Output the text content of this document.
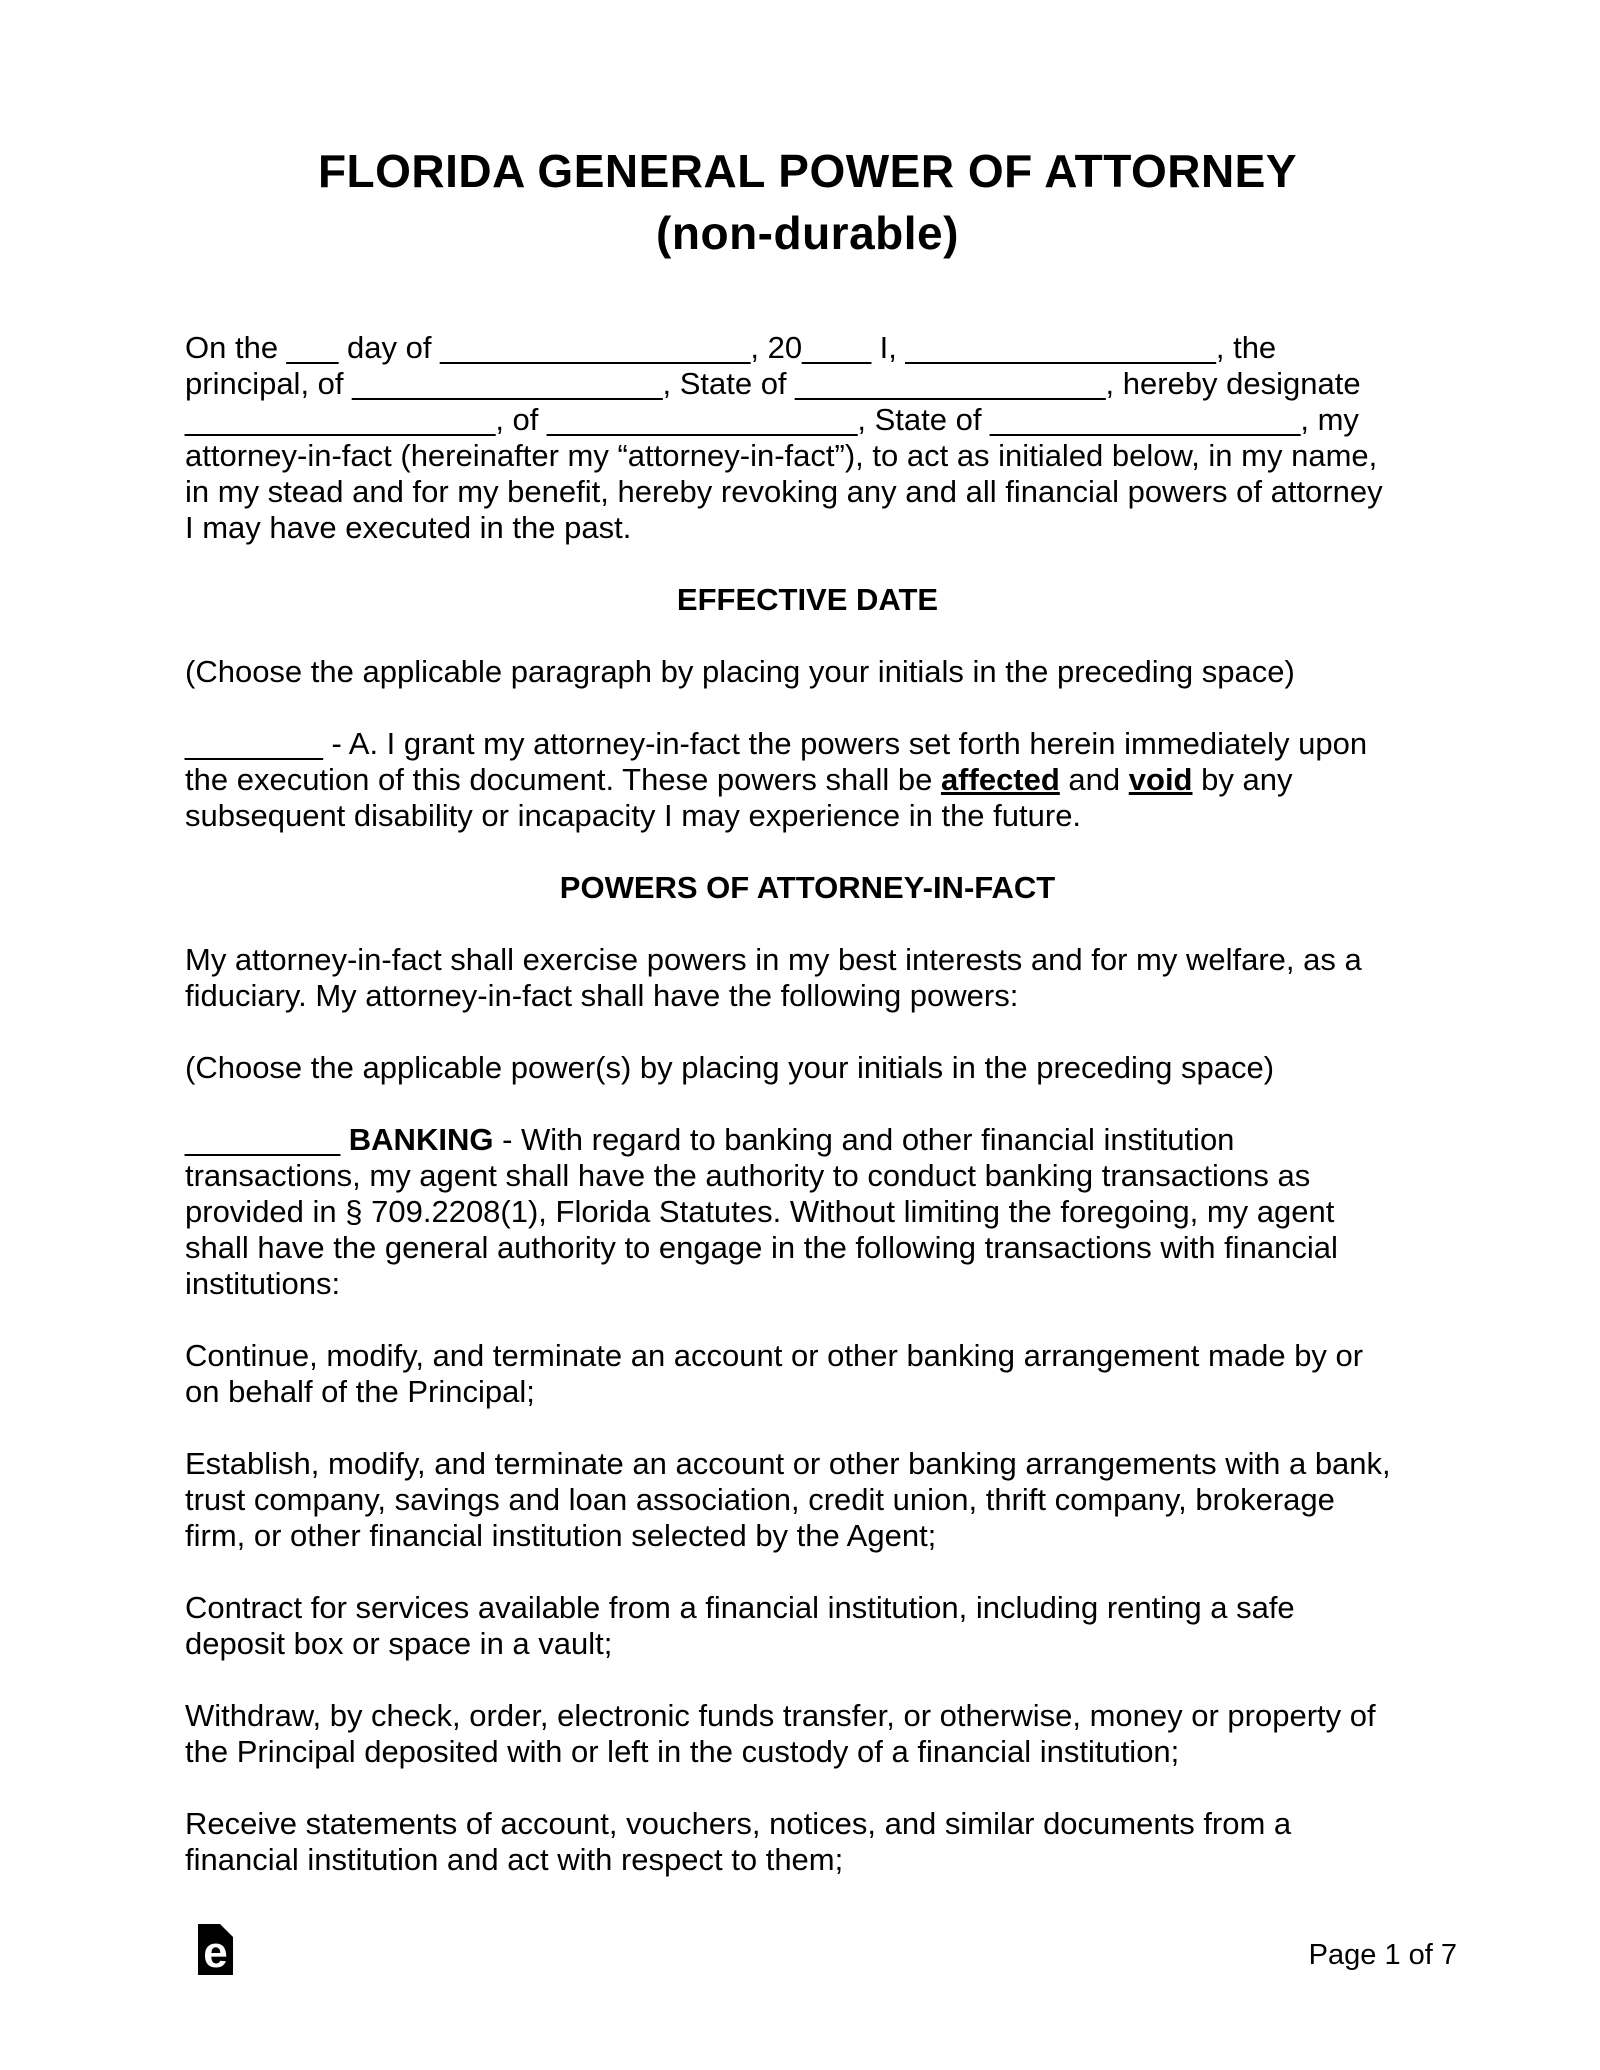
FLORIDA GENERAL POWER OF ATTORNEY
(non-durable)
On the ___ day of __________________, 20____ I, __________________, the
principal, of __________________, State of __________________, hereby designate
__________________, of __________________, State of __________________, my
attorney-in-fact (hereinafter my “attorney-in-fact”), to act as initialed below, in my name,
in my stead and for my benefit, hereby revoking any and all financial powers of attorney
I may have executed in the past.
EFFECTIVE DATE
(Choose the applicable paragraph by placing your initials in the preceding space)
________ - A. I grant my attorney-in-fact the powers set forth herein immediately upon
the execution of this document. These powers shall be affected and void by any
subsequent disability or incapacity I may experience in the future.
POWERS OF ATTORNEY-IN-FACT
My attorney-in-fact shall exercise powers in my best interests and for my welfare, as a
fiduciary. My attorney-in-fact shall have the following powers:
(Choose the applicable power(s) by placing your initials in the preceding space)
_________ BANKING - With regard to banking and other financial institution
transactions, my agent shall have the authority to conduct banking transactions as
provided in § 709.2208(1), Florida Statutes. Without limiting the foregoing, my agent
shall have the general authority to engage in the following transactions with financial
institutions:
Continue, modify, and terminate an account or other banking arrangement made by or
on behalf of the Principal;
Establish, modify, and terminate an account or other banking arrangements with a bank,
trust company, savings and loan association, credit union, thrift company, brokerage
firm, or other financial institution selected by the Agent;
Contract for services available from a financial institution, including renting a safe
deposit box or space in a vault;
Withdraw, by check, order, electronic funds transfer, or otherwise, money or property of
the Principal deposited with or left in the custody of a financial institution;
Receive statements of account, vouchers, notices, and similar documents from a
financial institution and act with respect to them;
e	Page 1 of 7
